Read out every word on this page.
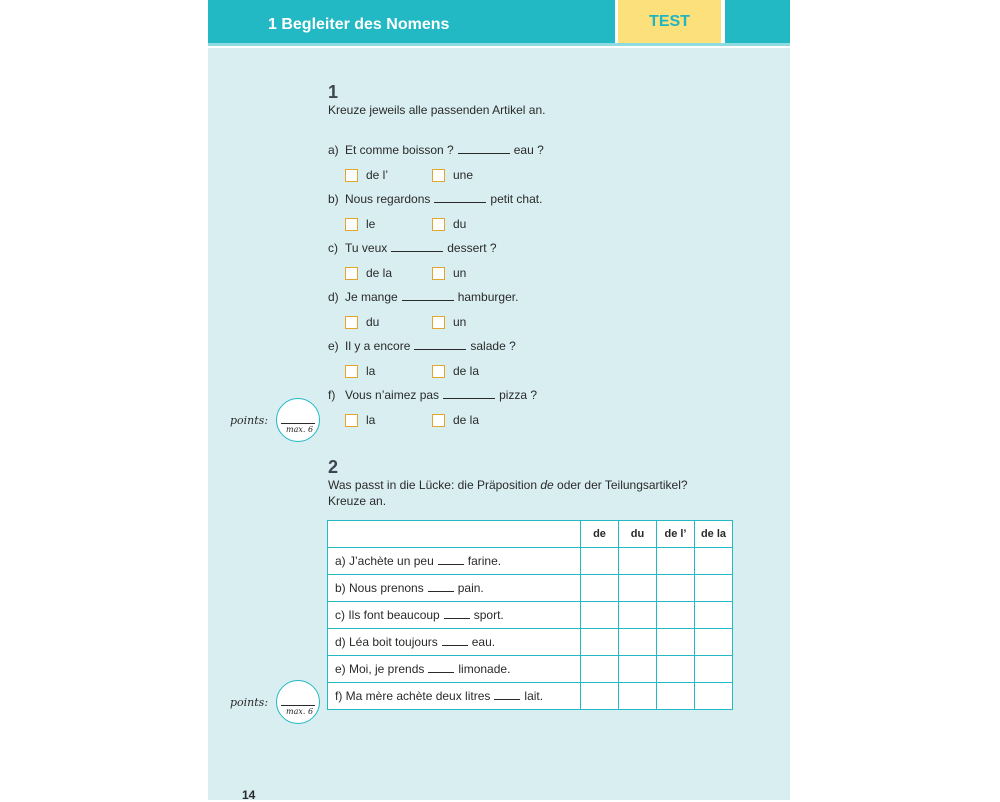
1 Begleiter des Nomens	TEST
1
Kreuze jeweils alle passenden Artikel an.
a) Et comme boisson ?	eau ?
de l’	une
b) Nous regardons	petit chat.
le	du
c) Tu veux	dessert ?
de la	un
d) Je mange	hamburger.
du	un
e) Il y a encore	salade ?
la	de la
f) Vous n’aimez pas	pizza ?
la	de la
points:
max. 6
2
Was passt in die Lücke: die Präposition de oder der Teilungsartikel?
Kreuze an.
	de	du	de l’	de la
a) J’achète un peu farine.				
b) Nous prenons pain.				
c) Ils font beaucoup sport.				
d) Léa boit toujours eau.				
e) Moi, je prends limonade.				
f) Ma mère achète deux litres lait.				
points:
max. 6
14
